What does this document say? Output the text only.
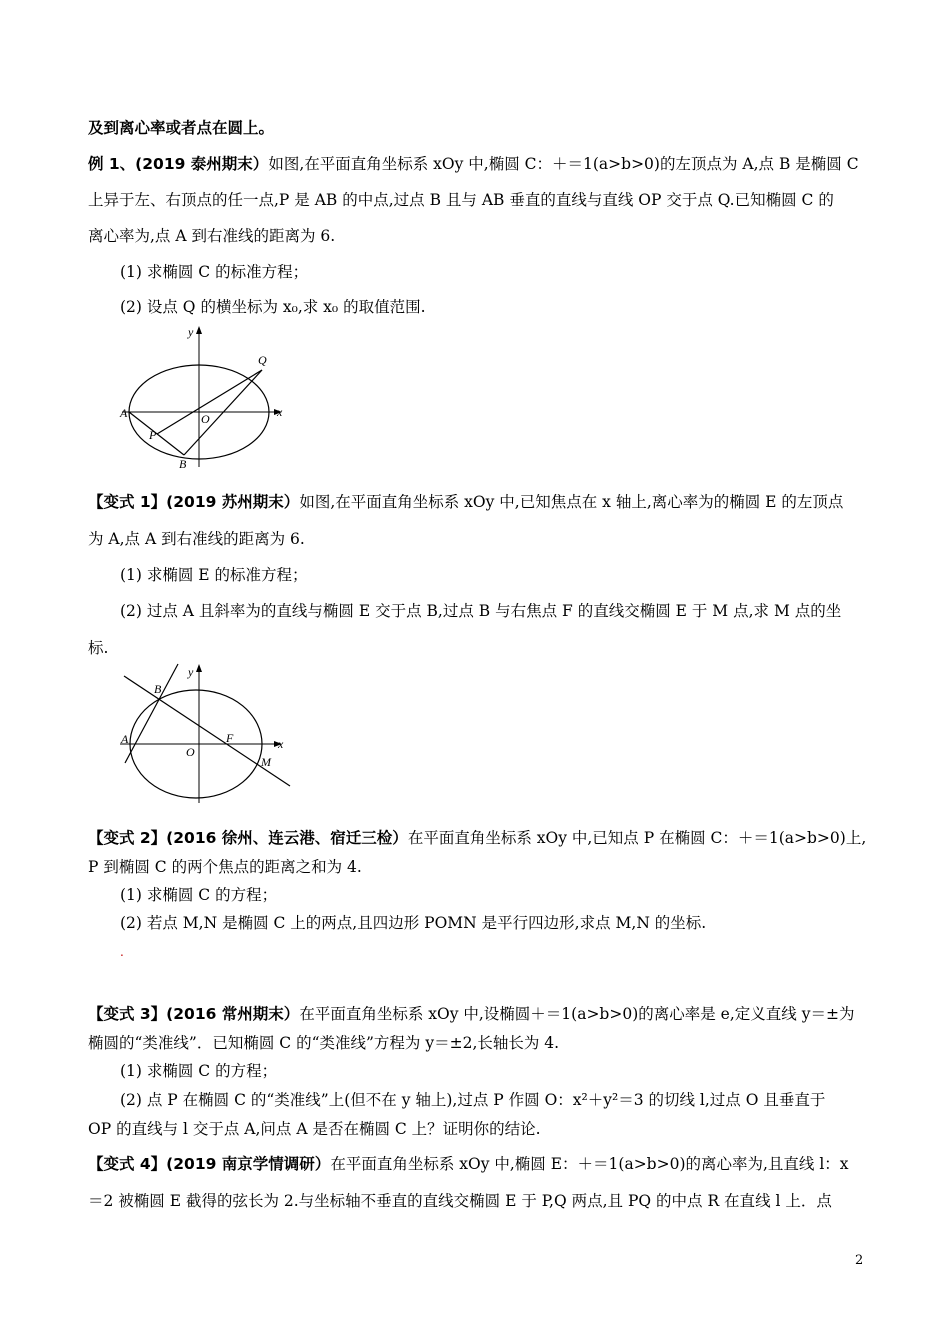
及到离心率或者点在圆上。
例 1、(2019 泰州期末）如图,在平面直角坐标系 xOy 中,椭圆 C：＋＝1(a>b>0)的左顶点为 A,点 B 是椭圆 C
上异于左、右顶点的任一点,P 是 AB 的中点,过点 B 且与 AB 垂直的直线与直线 OP 交于点 Q.已知椭圆 C 的
离心率为,点 A 到右准线的距离为 6.
(1) 求椭圆 C 的标准方程；
(2) 设点 Q 的横坐标为 x₀,求 x₀ 的取值范围.
y
Q
A	O	x
P
B
【变式 1】(2019 苏州期末）如图,在平面直角坐标系 xOy 中,已知焦点在 x 轴上,离心率为的椭圆 E 的左顶点
为 A,点 A 到右准线的距离为 6.
(1) 求椭圆 E 的标准方程；
(2) 过点 A 且斜率为的直线与椭圆 E 交于点 B,过点 B 与右焦点 F 的直线交椭圆 E 于 M 点,求 M 点的坐
标.
y
B
A
O
F	x
M
【变式 2】(2016 徐州、连云港、宿迁三检）在平面直角坐标系 xOy 中,已知点 P 在椭圆 C：＋＝1(a>b>0)上,
P 到椭圆 C 的两个焦点的距离之和为 4.
(1) 求椭圆 C 的方程；
(2) 若点 M,N 是椭圆 C 上的两点,且四边形 POMN 是平行四边形,求点 M,N 的坐标.
.
【变式 3】(2016 常州期末）在平面直角坐标系 xOy 中,设椭圆＋＝1(a>b>0)的离心率是 e,定义直线 y＝±为
椭圆的“类准线”．已知椭圆 C 的“类准线”方程为 y＝±2,长轴长为 4.
(1) 求椭圆 C 的方程；
(2) 点 P 在椭圆 C 的“类准线”上(但不在 y 轴上),过点 P 作圆 O：x²＋y²＝3 的切线 l,过点 O 且垂直于
OP 的直线与 l 交于点 A,问点 A 是否在椭圆 C 上？证明你的结论.
【变式 4】(2019 南京学情调研）在平面直角坐标系 xOy 中,椭圆 E：＋＝1(a>b>0)的离心率为,且直线 l：x
＝2 被椭圆 E 截得的弦长为 2.与坐标轴不垂直的直线交椭圆 E 于 P,Q 两点,且 PQ 的中点 R 在直线 l 上．点
2
